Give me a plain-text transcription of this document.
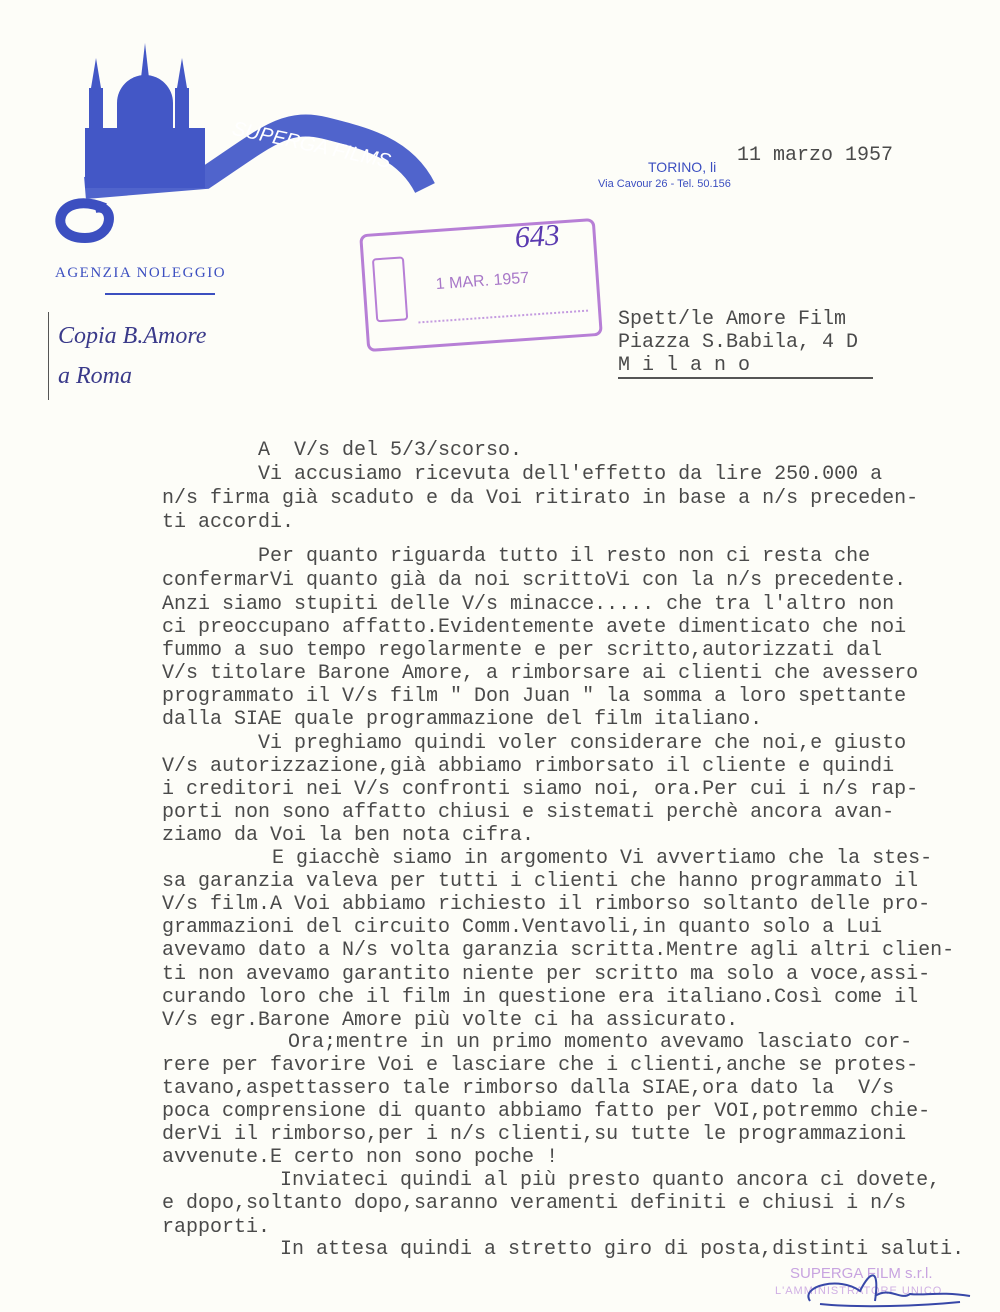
SUPERGA FILMS
AGENZIA NOLEGGIO
TORINO, li
Via Cavour 26 - Tel. 50.156
11 marzo 1957
643
1 MAR. 1957
Copia B.Amore
a Roma
Spett/le Amore Film
Piazza S.Babila, 4 D
M i l a n o
A  V/s del 5/3/scorso.
Vi accusiamo ricevuta dell'effetto da lire 250.000 a
n/s firma già scaduto e da Voi ritirato in base a n/s preceden-
ti accordi.
Per quanto riguarda tutto il resto non ci resta che
confermarVi quanto già da noi scrittoVi con la n/s precedente.
Anzi siamo stupiti delle V/s minacce..... che tra l'altro non
ci preoccupano affatto.Evidentemente avete dimenticato che noi
fummo a suo tempo regolarmente e per scritto,autorizzati dal
V/s titolare Barone Amore, a rimborsare ai clienti che avessero
programmato il V/s film " Don Juan " la somma a loro spettante
dalla SIAE quale programmazione del film italiano.
Vi preghiamo quindi voler considerare che noi,e giusto
V/s autorizzazione,già abbiamo rimborsato il cliente e quindi
i creditori nei V/s confronti siamo noi, ora.Per cui i n/s rap-
porti non sono affatto chiusi e sistemati perchè ancora avan-
ziamo da Voi la ben nota cifra.
E giacchè siamo in argomento Vi avvertiamo che la stes-
sa garanzia valeva per tutti i clienti che hanno programmato il
V/s film.A Voi abbiamo richiesto il rimborso soltanto delle pro-
grammazioni del circuito Comm.Ventavoli,in quanto solo a Lui
avevamo dato a N/s volta garanzia scritta.Mentre agli altri clien-
ti non avevamo garantito niente per scritto ma solo a voce,assi-
curando loro che il film in questione era italiano.Così come il
V/s egr.Barone Amore più volte ci ha assicurato.
Ora;mentre in un primo momento avevamo lasciato cor-
rere per favorire Voi e lasciare che i clienti,anche se protes-
tavano,aspettassero tale rimborso dalla SIAE,ora dato la  V/s
poca comprensione di quanto abbiamo fatto per VOI,potremmo chie-
derVi il rimborso,per i n/s clienti,su tutte le programmazioni
avvenute.E certo non sono poche !
Inviateci quindi al più presto quanto ancora ci dovete,
e dopo,soltanto dopo,saranno veramenti definiti e chiusi i n/s
rapporti.
In attesa quindi a stretto giro di posta,distinti saluti.
SUPERGA FILM s.r.l.
L'AMMINISTRATORE UNICO
